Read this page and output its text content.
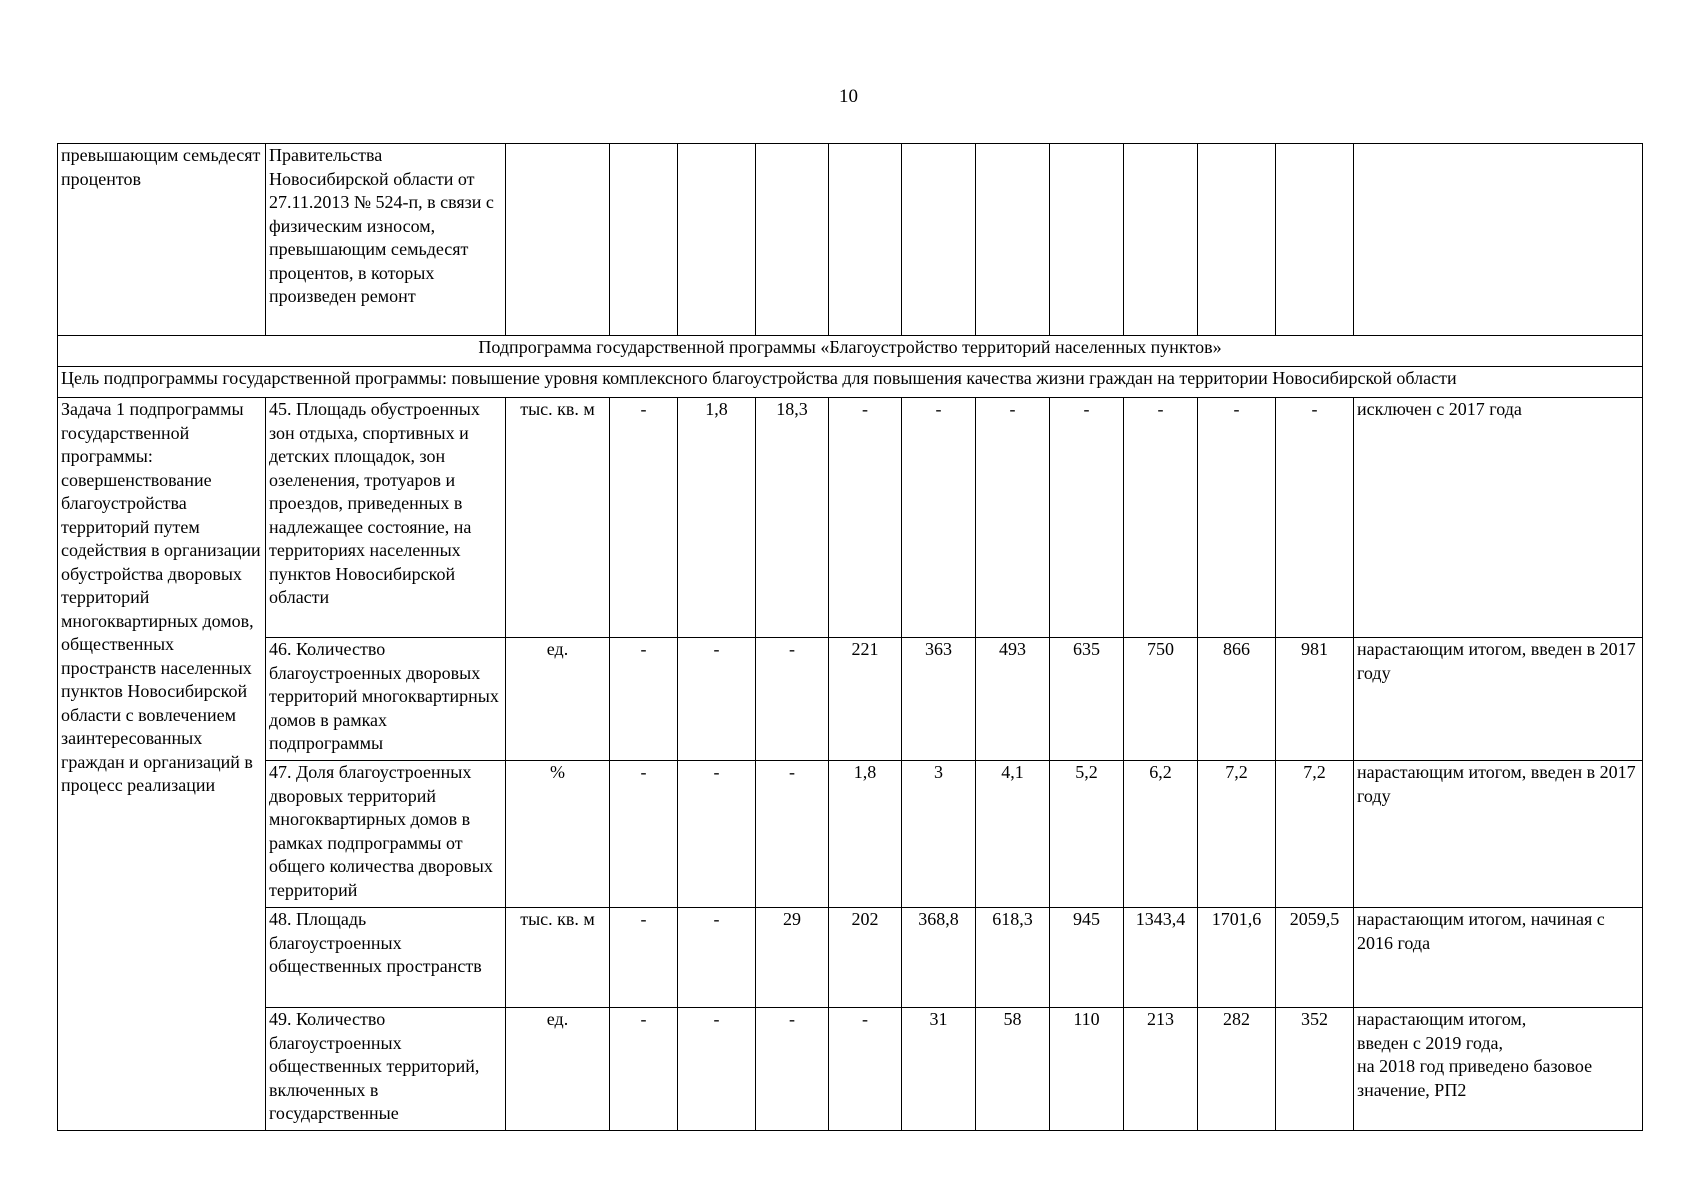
10
превышающим семьдесят процентов	Правительства Новосибирской области от 27.11.2013 № 524-п, в связи с физическим износом, превышающим семьдесят процентов, в которых произведен ремонт												
Подпрограмма государственной программы «Благоустройство территорий населенных пунктов»													
Цель подпрограммы государственной программы: повышение уровня комплексного благоустройства для повышения качества жизни граждан на территории Новосибирской области													
Задача 1 подпрограммы государственной программы: совершенствование благоустройства территорий путем содействия в организации обустройства дворовых территорий многоквартирных домов, общественных пространств населенных пунктов Новосибирской области с вовлечением заинтересованных граждан и организаций в процесс реализации	45. Площадь обустроенных зон отдыха, спортивных и детских площадок, зон озеленения, тротуаров и проездов, приведенных в надлежащее состояние, на территориях населенных пунктов Новосибирской области	тыс. кв. м	-	1,8	18,3	-	-	-	-	-	-	-	исключен с 2017 года
	46. Количество благоустроенных дворовых территорий многоквартирных домов в рамках подпрограммы	ед.	-	-	-	221	363	493	635	750	866	981	нарастающим итогом, введен в 2017 году
	47. Доля благоустроенных дворовых территорий многоквартирных домов в рамках подпрограммы от общего количества дворовых территорий	%	-	-	-	1,8	3	4,1	5,2	6,2	7,2	7,2	нарастающим итогом, введен в 2017 году
	48. Площадь благоустроенных общественных пространств	тыс. кв. м	-	-	29	202	368,8	618,3	945	1343,4	1701,6	2059,5	нарастающим итогом, начиная с 2016 года
	49. Количество благоустроенных общественных территорий, включенных в государственные	ед.	-	-	-	-	31	58	110	213	282	352	нарастающим итогом,
введен с 2019 года,
на 2018 год приведено базовое
значение, РП2
